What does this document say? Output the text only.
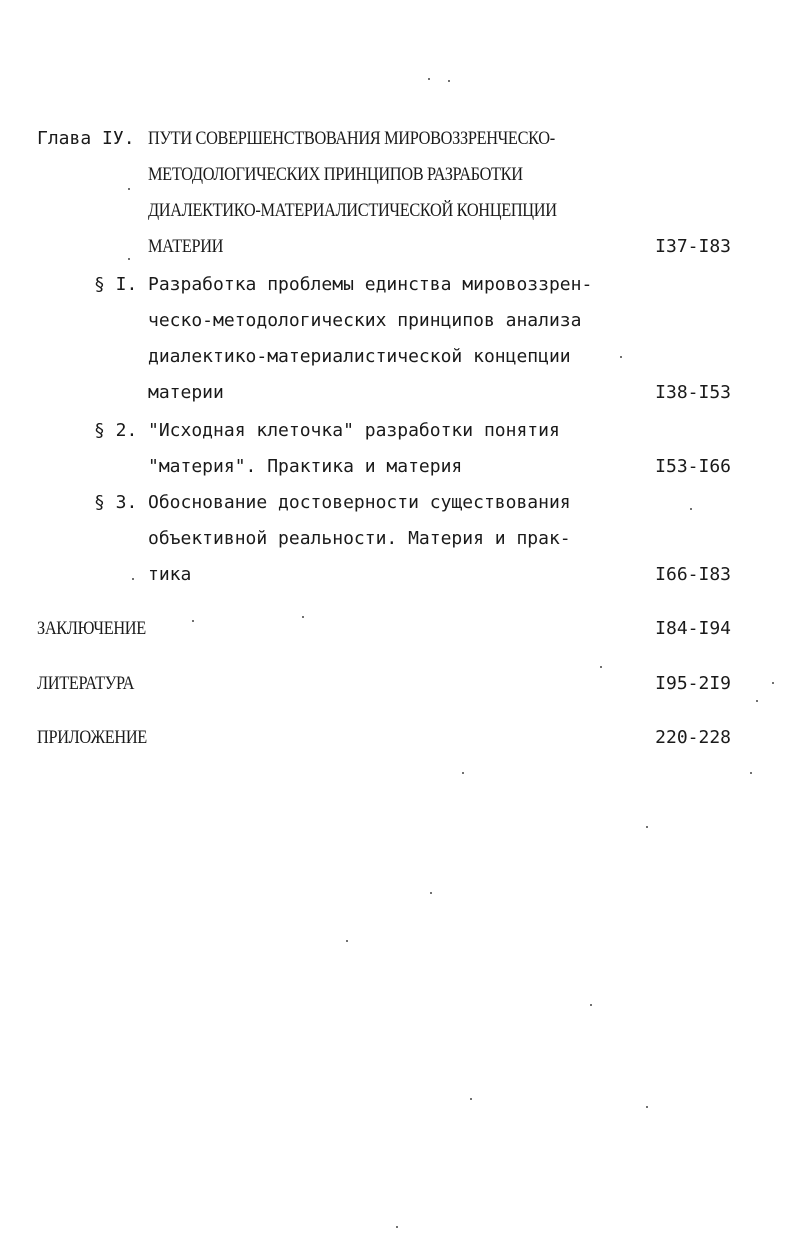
Глава IУ. ПУТИ СОВЕРШЕНСТВОВАНИЯ МИРОВОЗЗРЕНЧЕСКО-
МЕТОДОЛОГИЧЕСКИХ ПРИНЦИПОВ РАЗРАБОТКИ
ДИАЛЕКТИКО-МАТЕРИАЛИСТИЧЕСКОЙ КОНЦЕПЦИИ
МАТЕРИИ	I37-I83
§ I. Разработка проблемы единства мировоззрен-
ческо-методологических принципов анализа
диалектико-материалистической концепции
материи	I38-I53
§ 2. "Исходная клеточка" разработки понятия
"материя". Практика и материя	I53-I66
§ 3. Обоснование достоверности существования
объективной реальности. Материя и прак-
тика	I66-I83
ЗАКЛЮЧЕНИЕ	I84-I94
ЛИТЕРАТУРА	I95-2I9
ПРИЛОЖЕНИЕ	220-228
